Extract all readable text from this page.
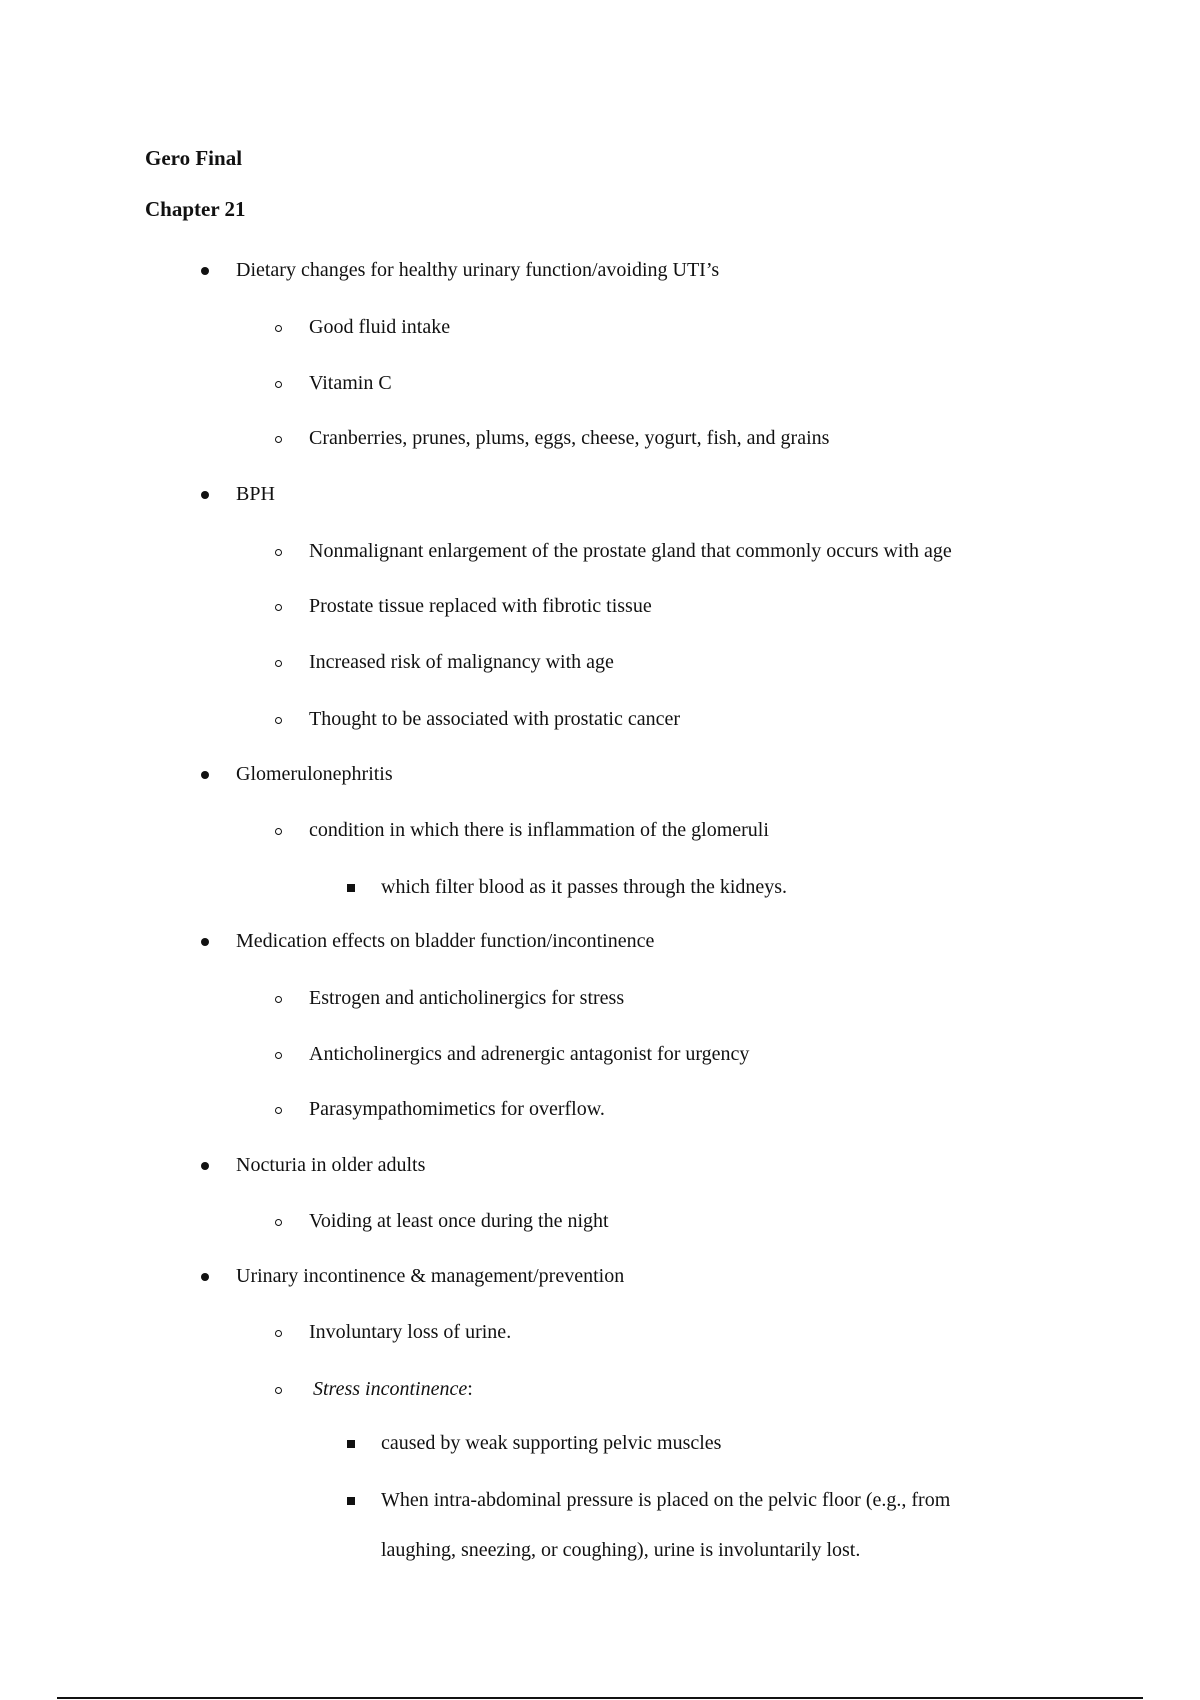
Gero Final
Chapter 21
Dietary changes for healthy urinary function/avoiding UTI’s
Good fluid intake
Vitamin C
Cranberries, prunes, plums, eggs, cheese, yogurt, fish, and grains
BPH
Nonmalignant enlargement of the prostate gland that commonly occurs with age
Prostate tissue replaced with fibrotic tissue
Increased risk of malignancy with age
Thought to be associated with prostatic cancer
Glomerulonephritis
condition in which there is inflammation of the glomeruli
which filter blood as it passes through the kidneys.
Medication effects on bladder function/incontinence
Estrogen and anticholinergics for stress
Anticholinergics and adrenergic antagonist for urgency
Parasympathomimetics for overflow.
Nocturia in older adults
Voiding at least once during the night
Urinary incontinence & management/prevention
Involuntary loss of urine.
Stress incontinence:
caused by weak supporting pelvic muscles
When intra-abdominal pressure is placed on the pelvic floor (e.g., from
laughing, sneezing, or coughing), urine is involuntarily lost.
